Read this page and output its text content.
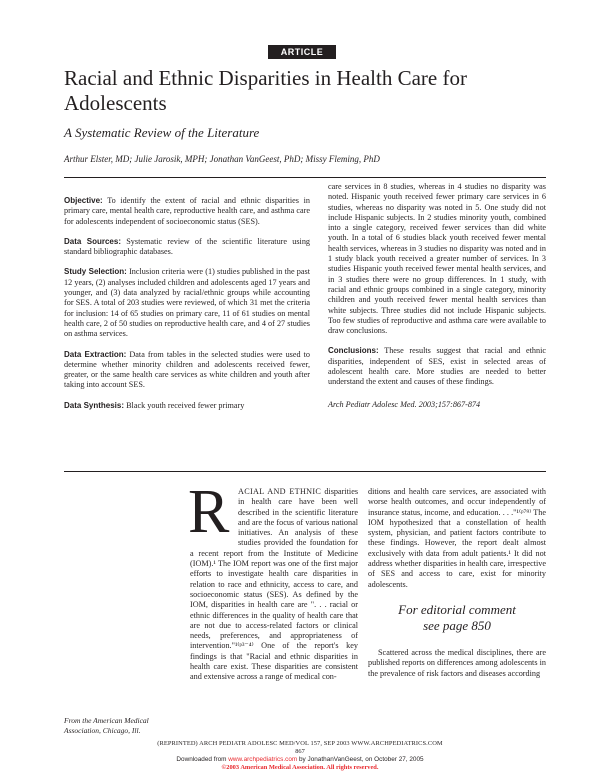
ARTICLE
Racial and Ethnic Disparities in Health Care for Adolescents
A Systematic Review of the Literature
Arthur Elster, MD; Julie Jarosik, MPH; Jonathan VanGeest, PhD; Missy Fleming, PhD

Objective: To identify the extent of racial and ethnic disparities in primary care, mental health care, reproductive health care, and asthma care for adolescents independent of socioeconomic status (SES).

Data Sources: Systematic review of the scientific literature using standard bibliographic databases.

Study Selection: Inclusion criteria were (1) studies published in the past 12 years, (2) analyses included children and adolescents aged 17 years and younger, and (3) data analyzed by racial/ethnic groups while accounting for SES. A total of 203 studies were reviewed, of which 31 met the criteria for inclusion: 14 of 65 studies on primary care, 11 of 61 studies on mental health care, 2 of 50 studies on reproductive health care, and 4 of 27 studies on asthma services.

Data Extraction: Data from tables in the selected studies were used to determine whether minority children and adolescents received fewer, greater, or the same health care services as white children and youth after taking into account SES.

Data Synthesis: Black youth received fewer primary

care services in 8 studies, whereas in 4 studies no disparity was noted. Hispanic youth received fewer primary care services in 6 studies, whereas no disparity was noted in 5. One study did not include Hispanic subjects. In 2 studies minority youth, combined into a single category, received fewer services than did white youth. In a total of 6 studies black youth received fewer mental health services, whereas in 3 studies no disparity was noted and in 1 study black youth received a greater number of services. In 3 studies Hispanic youth received fewer mental health services, and in 3 studies there were no group differences. In 1 study, with racial and ethnic groups combined in a single category, minority children and youth received fewer mental health services than white subjects. Three studies did not include Hispanic subjects. Too few studies of reproductive and asthma care were available to draw conclusions.

Conclusions: These results suggest that racial and ethnic disparities, independent of SES, exist in selected areas of adolescent health care. More studies are needed to better understand the extent and causes of these findings.
Arch Pediatr Adolesc Med. 2003;157:867-874

R	ACIAL AND ETHNIC disparities in health care have been well described in the scientific literature and are the focus of various national initiatives. An analysis of these studies provided the foundation for a recent report from the Institute of Medicine (IOM).¹ The IOM report was one of the first major efforts to investigate health care disparities in relation to race and ethnicity, access to care, and socioeconomic status (SES). As defined by the IOM, disparities in health care are ". . . racial or ethnic differences in the quality of health care that are not due to access-related factors or clinical needs, preferences, and appropriateness of intervention."¹⁽ᵖ³⁻⁴⁾ One of the report's key findings is that "Racial and ethnic disparities in health care exist. These disparities are consistent and extensive across a range of medical con-

ditions and health care services, are associated with worse health outcomes, and occur independently of insurance status, income, and education. . . ."¹⁽ᵖ⁷⁹⁾ The IOM hypothesized that a constellation of health system, physician, and patient factors contribute to these findings. However, the report dealt almost exclusively with data from adult patients.¹ It did not address whether disparities in health care, irrespective of SES and access to care, exist for minority adolescents.

For editorial comment
see page 850

Scattered across the medical disciplines, there are published reports on differences among adolescents in the prevalence of risk factors and diseases according

From the American Medical Association, Chicago, Ill.
(REPRINTED) ARCH PEDIATR ADOLESC MED/VOL 157, SEP 2003 WWW.ARCHPEDIATRICS.COM
867
Downloaded from www.archpediatrics.com by JonathanVanGeest, on October 27, 2005
©2003 American Medical Association. All rights reserved.
